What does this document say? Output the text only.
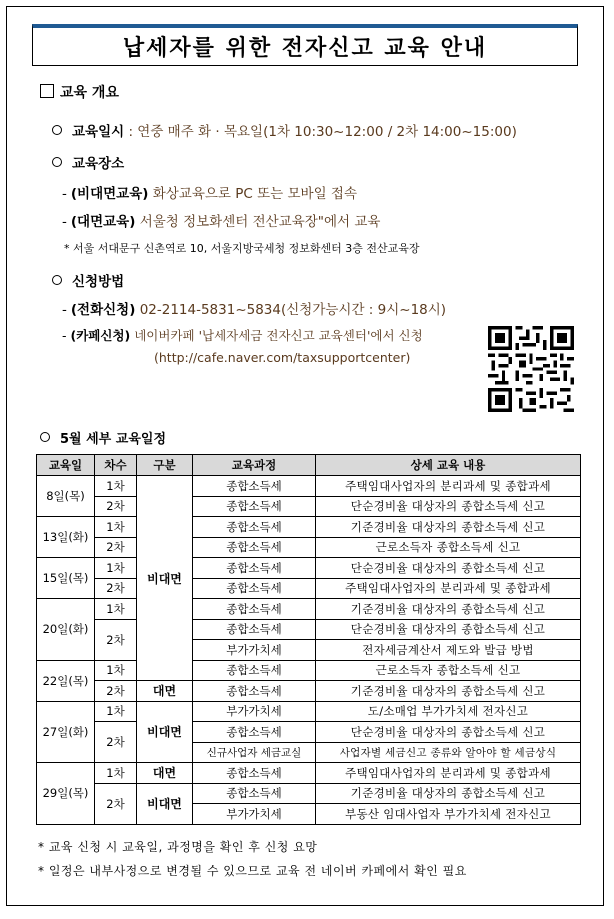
납세자를 위한 전자신고 교육 안내
교육 개요
교육일시 : 연중 매주 화 · 목요일(1차 10:30~12:00 / 2차 14:00~15:00)
교육장소
- (비대면교육) 화상교육으로 PC 또는 모바일 접속
- (대면교육) 서울청 정보화센터 전산교육장"에서 교육
* 서울 서대문구 신촌역로 10, 서울지방국세청 정보화센터 3층 전산교육장
신청방법
- (전화신청) 02-2114-5831~5834(신청가능시간 : 9시~18시)
- (카페신청) 네이버카페 '납세자세금 전자신고 교육센터'에서 신청
(http://cafe.naver.com/taxsupportcenter)
5월 세부 교육일정
교육일	차수	구분	교육과정	상세 교육 내용
8일(목)	1차	비대면	종합소득세	주택임대사업자의 분리과세 및 종합과세
	2차		종합소득세	단순경비율 대상자의 종합소득세 신고
13일(화)	1차		종합소득세	기준경비율 대상자의 종합소득세 신고
	2차		종합소득세	근로소득자 종합소득세 신고
15일(목)	1차		종합소득세	단순경비율 대상자의 종합소득세 신고
	2차		종합소득세	주택임대사업자의 분리과세 및 종합과세
20일(화)	1차		종합소득세	기준경비율 대상자의 종합소득세 신고
	2차		종합소득세	단순경비율 대상자의 종합소득세 신고
			부가가치세	전자세금계산서 제도와 발급 방법
22일(목)	1차		종합소득세	근로소득자 종합소득세 신고
	2차	대면	종합소득세	기준경비율 대상자의 종합소득세 신고
27일(화)	1차	비대면	부가가치세	도/소매업 부가가치세 전자신고
	2차		종합소득세	단순경비율 대상자의 종합소득세 신고
			신규사업자 세금교실	사업자별 세금신고 종류와 알아야 할 세금상식
29일(목)	1차	대면	종합소득세	주택임대사업자의 분리과세 및 종합과세
	2차	비대면	종합소득세	기준경비율 대상자의 종합소득세 신고
			부가가치세	부동산 임대사업자 부가가치세 전자신고
* 교육 신청 시 교육일, 과정명을 확인 후 신청 요망
* 일정은 내부사정으로 변경될 수 있으므로 교육 전 네이버 카페에서 확인 필요
